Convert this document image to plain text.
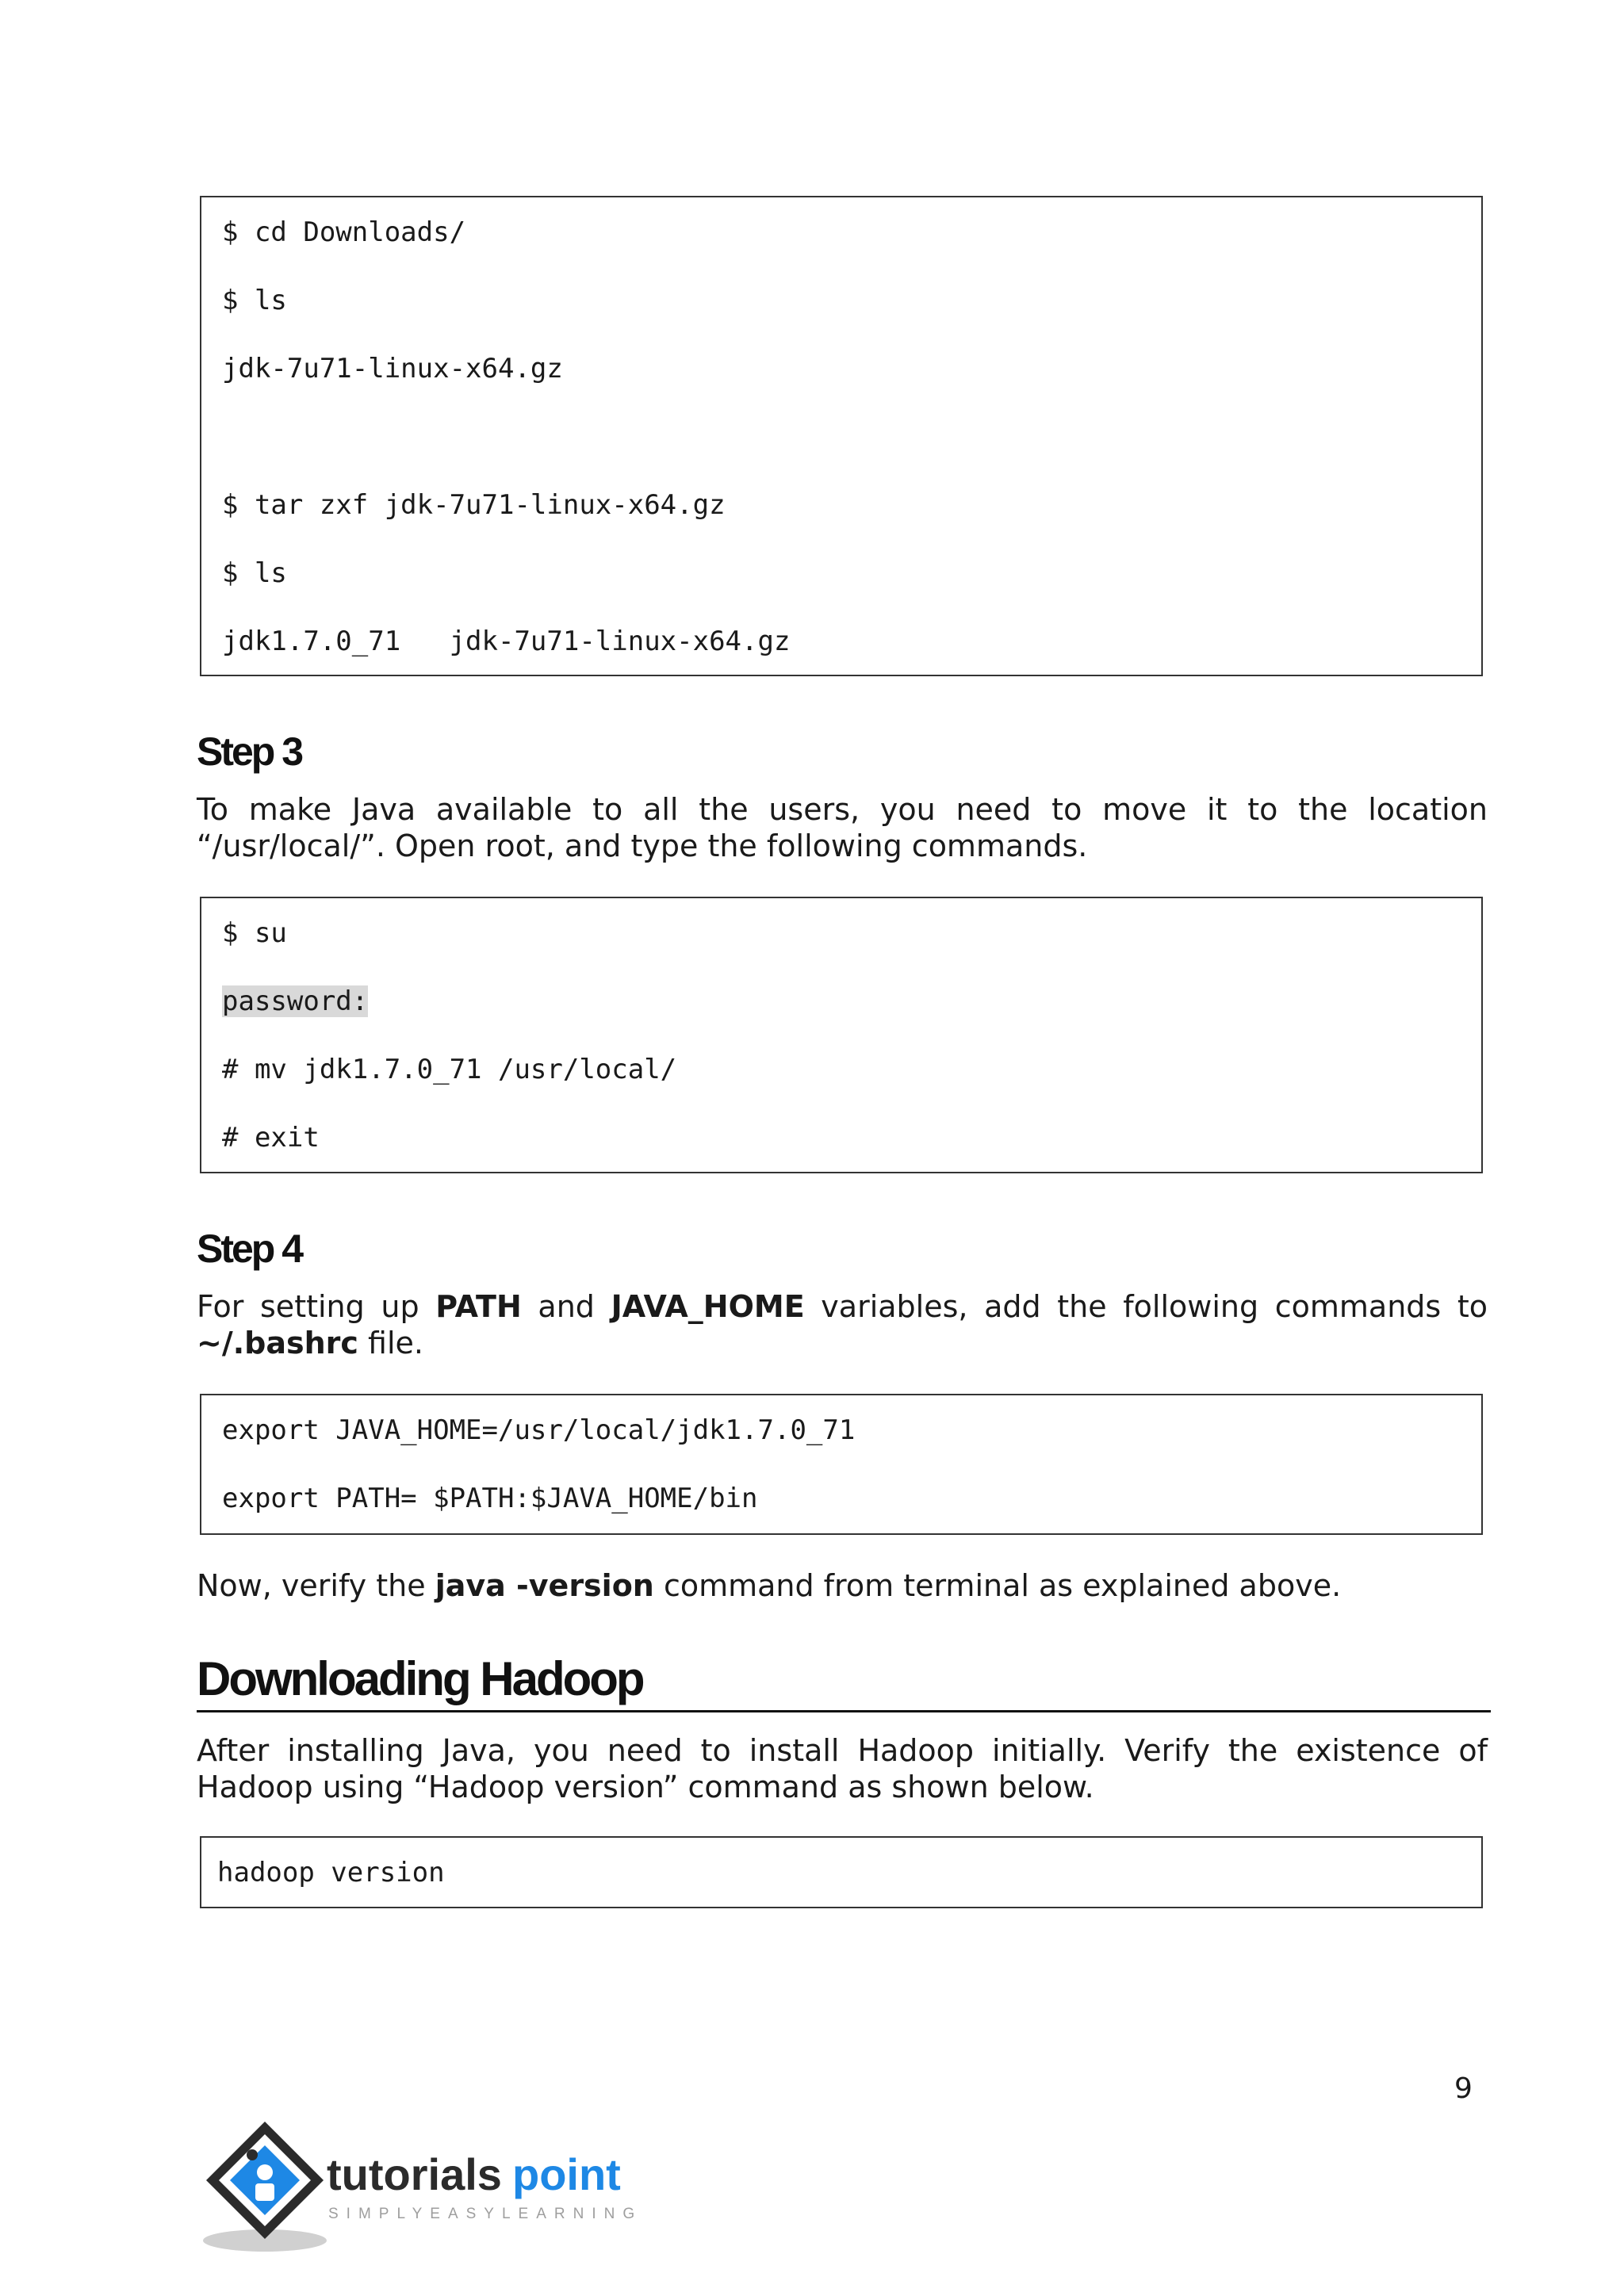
$ cd Downloads/
$ ls
jdk-7u71-linux-x64.gz
$ tar zxf jdk-7u71-linux-x64.gz
$ ls
jdk1.7.0_71   jdk-7u71-linux-x64.gz
Step 3

To make Java available to all the users, you need to move it to the location “/usr/local/”. Open root, and type the following commands.

$ su
password:
# mv jdk1.7.0_71 /usr/local/
# exit
Step 4

For setting up PATH and JAVA_HOME variables, add the following commands to ~/.bashrc file.

export JAVA_HOME=/usr/local/jdk1.7.0_71
export PATH= $PATH:$JAVA_HOME/bin

Now, verify the java -version command from terminal as explained above.

Downloading Hadoop

After installing Java, you need to install Hadoop initially. Verify the existence of Hadoop using “Hadoop version” command as shown below.

hadoop version
9
tutorials point
SIMPLYEASYLEARNING
